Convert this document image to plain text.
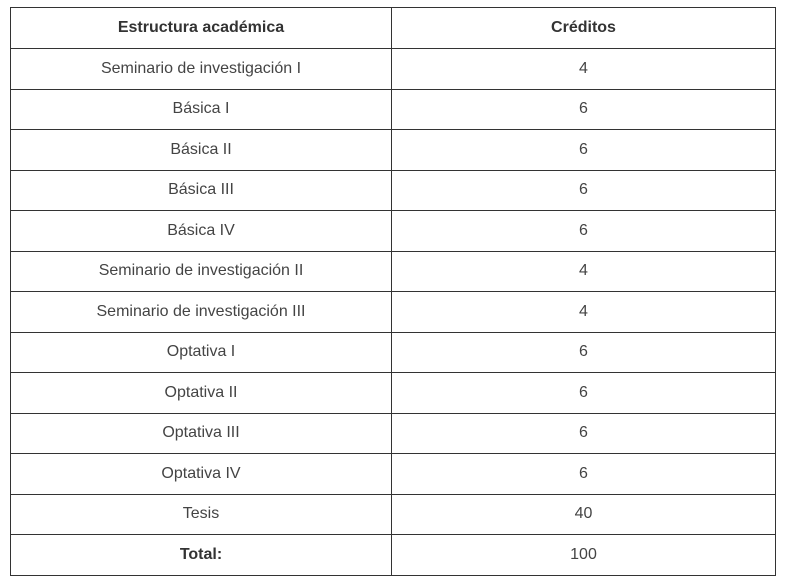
Estructura académica	Créditos
Seminario de investigación I	4
Básica I	6
Básica II	6
Básica III	6
Básica IV	6
Seminario de investigación II	4
Seminario de investigación III	4
Optativa I	6
Optativa II	6
Optativa III	6
Optativa IV	6
Tesis	40
Total:	100
